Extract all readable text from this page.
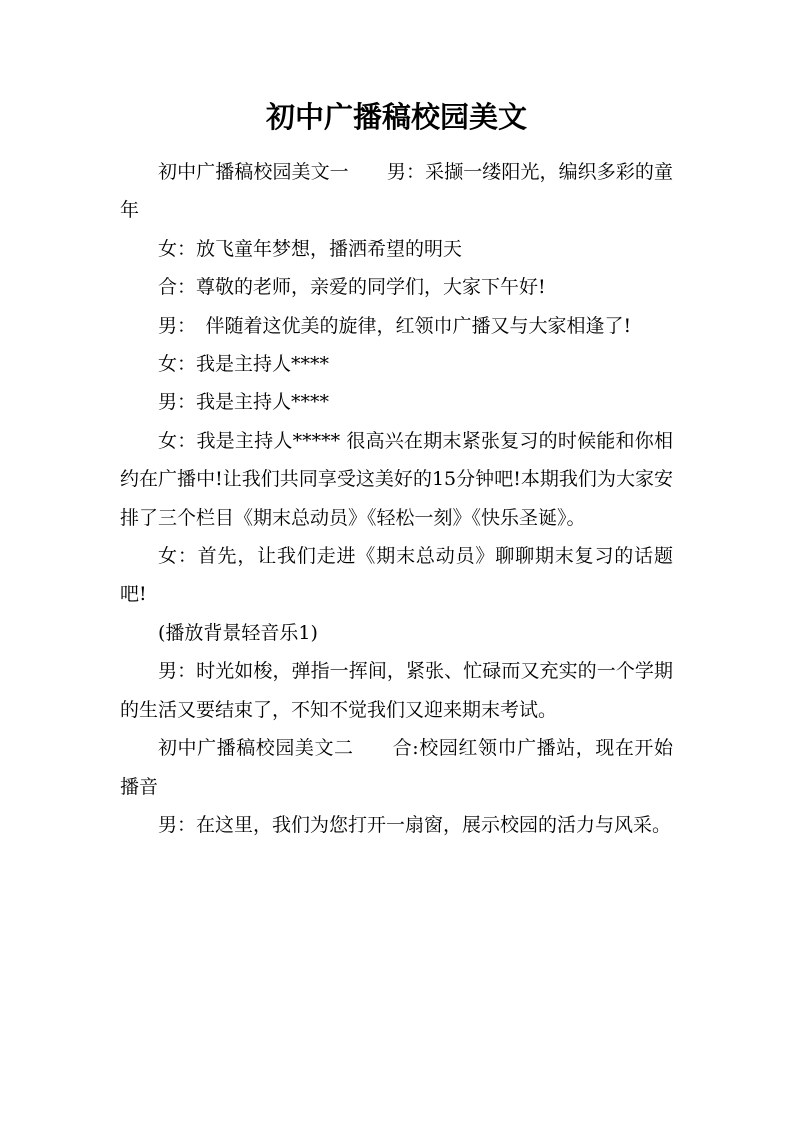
初中广播稿校园美文

初中广播稿校园美文一　　男：采撷一缕阳光，编织多彩的童年

女：放飞童年梦想，播洒希望的明天

合：尊敬的老师，亲爱的同学们，大家下午好!

男：　伴随着这优美的旋律，红领巾广播又与大家相逢了!

女：我是主持人****

男：我是主持人****

女：我是主持人***** 很高兴在期末紧张复习的时候能和你相约在广播中!让我们共同享受这美好的15分钟吧!本期我们为大家安排了三个栏目《期末总动员》《轻松一刻》《快乐圣诞》。

女：首先，让我们走进《期末总动员》聊聊期末复习的话题吧!

(播放背景轻音乐1)

男：时光如梭，弹指一挥间，紧张、忙碌而又充实的一个学期的生活又要结束了，不知不觉我们又迎来期末考试。

初中广播稿校园美文二　　合:校园红领巾广播站，现在开始播音

男：在这里，我们为您打开一扇窗，展示校园的活力与风采。
